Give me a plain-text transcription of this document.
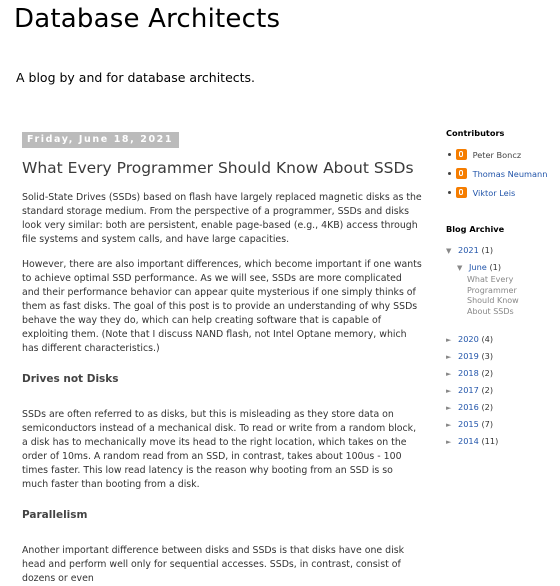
Database Architects

A blog by and for database architects.

Friday, June 18, 2021
What Every Programmer Should Know About SSDs

Solid-State Drives (SSDs) based on flash have largely replaced magnetic disks as the standard storage medium. From the perspective of a programmer, SSDs and disks look very similar: both are persistent, enable page-based (e.g., 4KB) access through file systems and system calls, and have large capacities.

However, there are also important differences, which become important if one wants to achieve optimal SSD performance. As we will see, SSDs are more complicated and their performance behavior can appear quite mysterious if one simply thinks of them as fast disks. The goal of this post is to provide an understanding of why SSDs behave the way they do, which can help creating software that is capable of exploiting them. (Note that I discuss NAND flash, not Intel Optane memory, which has different characteristics.)

Drives not Disks

SSDs are often referred to as disks, but this is misleading as they store data on semiconductors instead of a mechanical disk. To read or write from a random block, a disk has to mechanically move its head to the right location, which takes on the order of 10ms. A random read from an SSD, in contrast, takes about 100us - 100 times faster. This low read latency is the reason why booting from an SSD is so much faster than booting from a disk.

Parallelism

Another important difference between disks and SSDs is that disks have one disk head and perform well only for sequential accesses. SSDs, in contrast, consist of dozens or even

Contributors
Peter Boncz
Thomas Neumann
Viktor Leis
Blog Archive
▼ 2021 (1)
▼ June (1)
What Every Programmer Should Know About SSDs
► 2020 (4)
► 2019 (3)
► 2018 (2)
► 2017 (2)
► 2016 (2)
► 2015 (7)
► 2014 (11)
